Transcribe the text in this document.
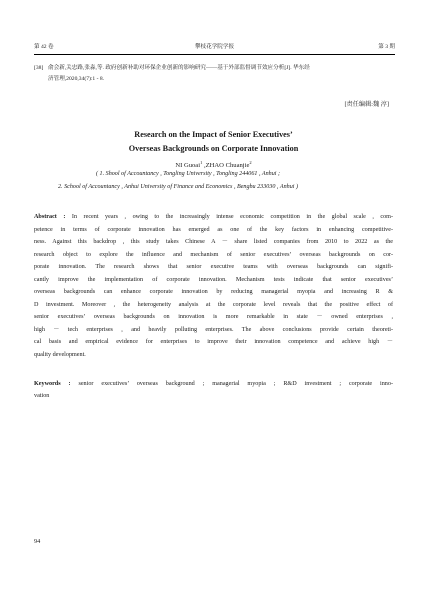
第 42 卷	攀枝花学院学报	第 3 期
[38] 俞会新,关忠路,张淼,等. 政府创新补助对环保企业创新的影响研究——基于外部监督调节效应分析[J]. 华东经
济管理,2020,34(7):1 - 8.
[责任编辑:魏 淳]
Research on the Impact of Senior Executives’
Overseas Backgrounds on Corporate Innovation
NI Guoai$^1$ ,ZHAO Chuanjie$^2$
( 1. Shool of Accountancy , Tongling University , Tongling 244061 , Anhui ;
2. School of Accountancy , Anhui University of Finance and Economics , Bengbu 233030 , Anhui )
Abstract : In recent years , owing to the increasingly intense economic competition in the global scale , com-
petence in terms of corporate innovation has emerged as one of the key factors in enhancing competitive-
ness. Against this backdrop , this study takes Chinese A － share listed companies from 2010 to 2022 as the
research object to explore the influence and mechanism of senior executives’ overseas backgrounds on cor-
porate innovation. The research shows that senior executive teams with overseas backgrounds can signifi-
cantly improve the implementation of corporate innovation. Mechanism tests indicate that senior executives’
overseas backgrounds can enhance corporate innovation by reducing managerial myopia and increasing R &
D investment. Moreover , the heterogeneity analysis at the corporate level reveals that the positive effect of
senior executives’ overseas backgrounds on innovation is more remarkable in state － owned enterprises ,
high － tech enterprises , and heavily polluting enterprises. The above conclusions provide certain theoreti-
cal basis and empirical evidence for enterprises to improve their innovation competence and achieve high －
quality development.
Keywords : senior executives’ overseas background ; managerial myopia ; R&D investment ; corporate inno-
vation
94
